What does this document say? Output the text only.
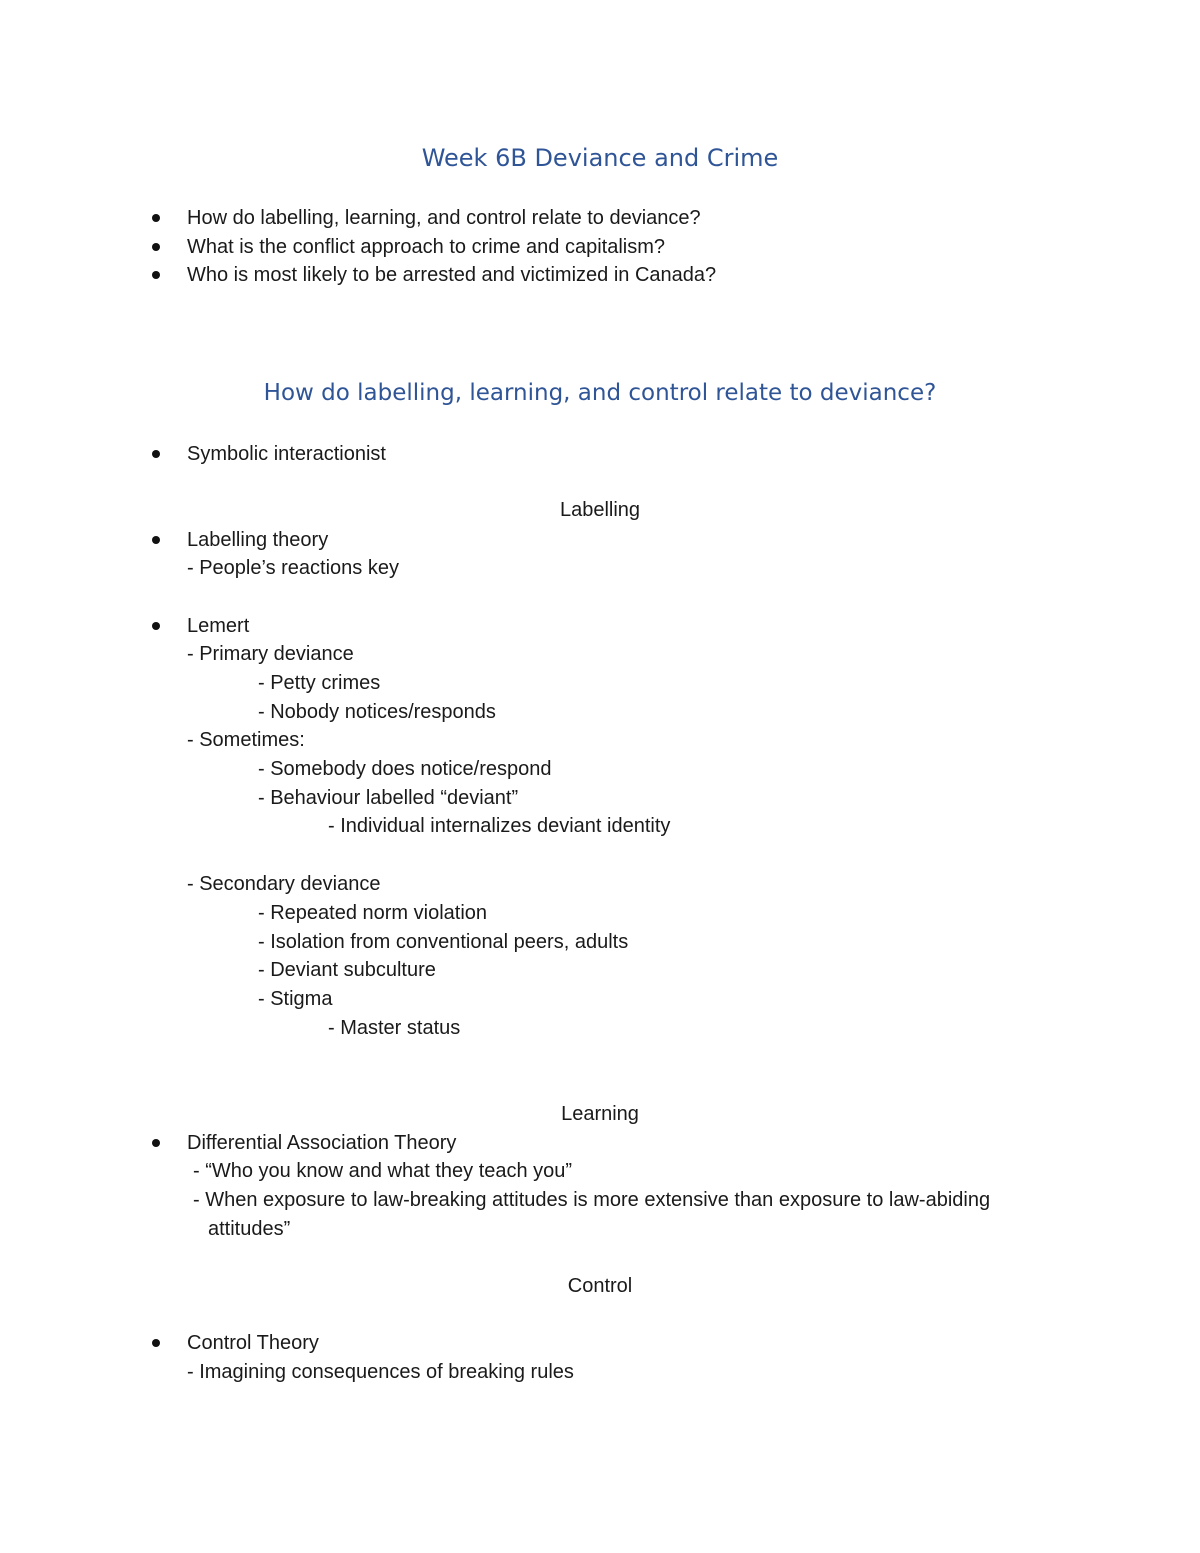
Week 6B Deviance and Crime
How do labelling, learning, and control relate to deviance?
What is the conflict approach to crime and capitalism?
Who is most likely to be arrested and victimized in Canada?
How do labelling, learning, and control relate to deviance?
Symbolic interactionist
Labelling
Labelling theory
- People’s reactions key
Lemert
- Primary deviance
- Petty crimes
- Nobody notices/responds
- Sometimes:
- Somebody does notice/respond
- Behaviour labelled “deviant”
- Individual internalizes deviant identity
- Secondary deviance
- Repeated norm violation
- Isolation from conventional peers, adults
- Deviant subculture
- Stigma
- Master status
Learning
Differential Association Theory
- “Who you know and what they teach you”
- When exposure to law-breaking attitudes is more extensive than exposure to law-abiding
attitudes”
Control
Control Theory
- Imagining consequences of breaking rules
